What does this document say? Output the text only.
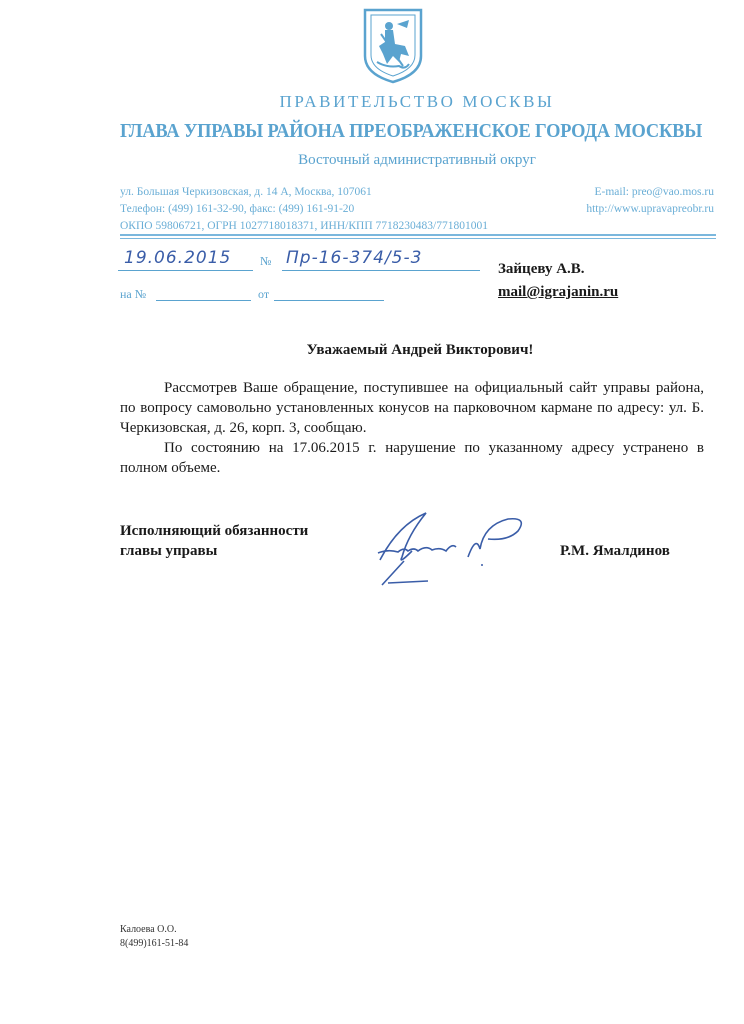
ПРАВИТЕЛЬСТВО МОСКВЫ
ГЛАВА УПРАВЫ РАЙОНА ПРЕОБРАЖЕНСКОЕ ГОРОДА МОСКВЫ
Восточный административный округ
ул. Большая Черкизовская, д. 14 А, Москва, 107061
Телефон: (499) 161-32-90, факс: (499) 161-91-20
ОКПО 59806721, ОГРН 1027718018371, ИНН/КПП 7718230483/771801001
E-mail: preo@vao.mos.ru
http://www.upravapreobr.ru
19.06.2015 № Пр-16-374/5-3
на №	от
Зайцеву А.В.
mail@igrajanin.ru
Уважаемый Андрей Викторович!

Рассмотрев Ваше обращение, поступившее на официальный сайт управы района, по вопросу самовольно установленных конусов на парковочном кармане по адресу: ул. Б. Черкизовская, д. 26, корп. 3, сообщаю.

По состоянию на 17.06.2015 г. нарушение по указанному адресу устранено в полном объеме.

Исполняющий обязанности
главы управы	Р.М. Ямалдинов
Калоева О.О.
8(499)161-51-84
